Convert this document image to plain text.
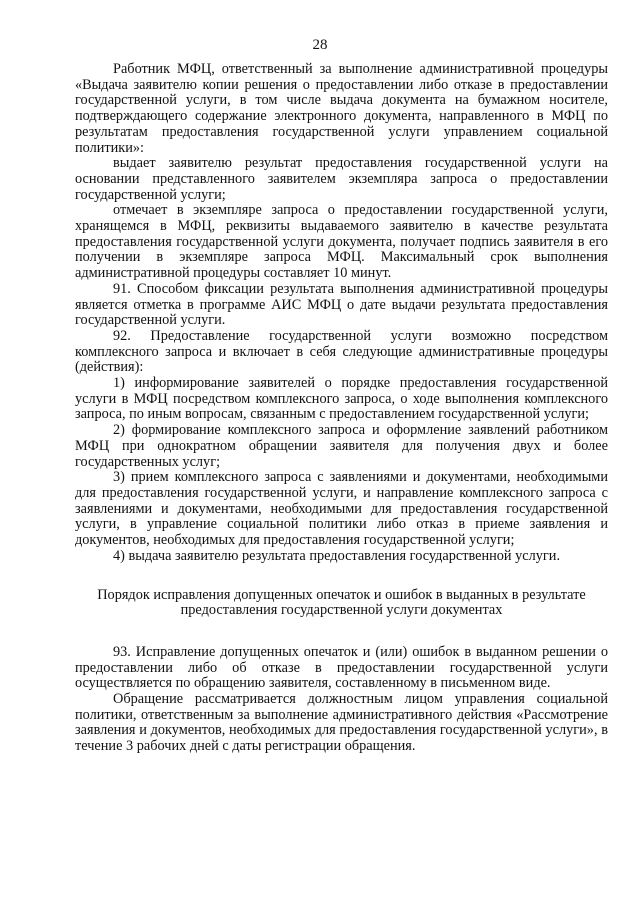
28

Работник МФЦ, ответственный за выполнение административной процедуры «Выдача заявителю копии решения о предоставлении либо отказе в предоставлении государственной услуги, в том числе выдача документа на бумажном носителе, подтверждающего содержание электронного документа, направленного в МФЦ по результатам предоставления государственной услуги управлением социальной политики»:

выдает заявителю результат предоставления государственной услуги на основании представленного заявителем экземпляра запроса о предоставлении государственной услуги;

отмечает в экземпляре запроса о предоставлении государственной услуги, хранящемся в МФЦ, реквизиты выдаваемого заявителю в качестве результата предоставления государственной услуги документа, получает подпись заявителя в его получении в экземпляре запроса МФЦ. Максимальный срок выполнения административной процедуры составляет 10 минут.

91. Способом фиксации результата выполнения административной процедуры является отметка в программе АИС МФЦ о дате выдачи результата предоставления государственной услуги.

92. Предоставление государственной услуги возможно посредством комплексного запроса и включает в себя следующие административные процедуры (действия):

1) информирование заявителей о порядке предоставления государственной услуги в МФЦ посредством комплексного запроса, о ходе выполнения комплексного запроса, по иным вопросам, связанным с предоставлением государственной услуги;

2) формирование комплексного запроса и оформление заявлений работником МФЦ при однократном обращении заявителя для получения двух и более государственных услуг;

3) прием комплексного запроса с заявлениями и документами, необходимыми для предоставления государственной услуги, и направление комплексного запроса с заявлениями и документами, необходимыми для предоставления государственной услуги, в управление социальной политики либо отказ в приеме заявления и документов, необходимых для предоставления государственной услуги;

4) выдача заявителю результата предоставления государственной услуги.

Порядок исправления допущенных опечаток и ошибок в выданных в результате предоставления государственной услуги документах

93. Исправление допущенных опечаток и (или) ошибок в выданном решении о предоставлении либо об отказе в предоставлении государственной услуги осуществляется по обращению заявителя, составленному в письменном виде.

Обращение рассматривается должностным лицом управления социальной политики, ответственным за выполнение административного действия «Рассмотрение заявления и документов, необходимых для предоставления государственной услуги», в течение 3 рабочих дней с даты регистрации обращения.
